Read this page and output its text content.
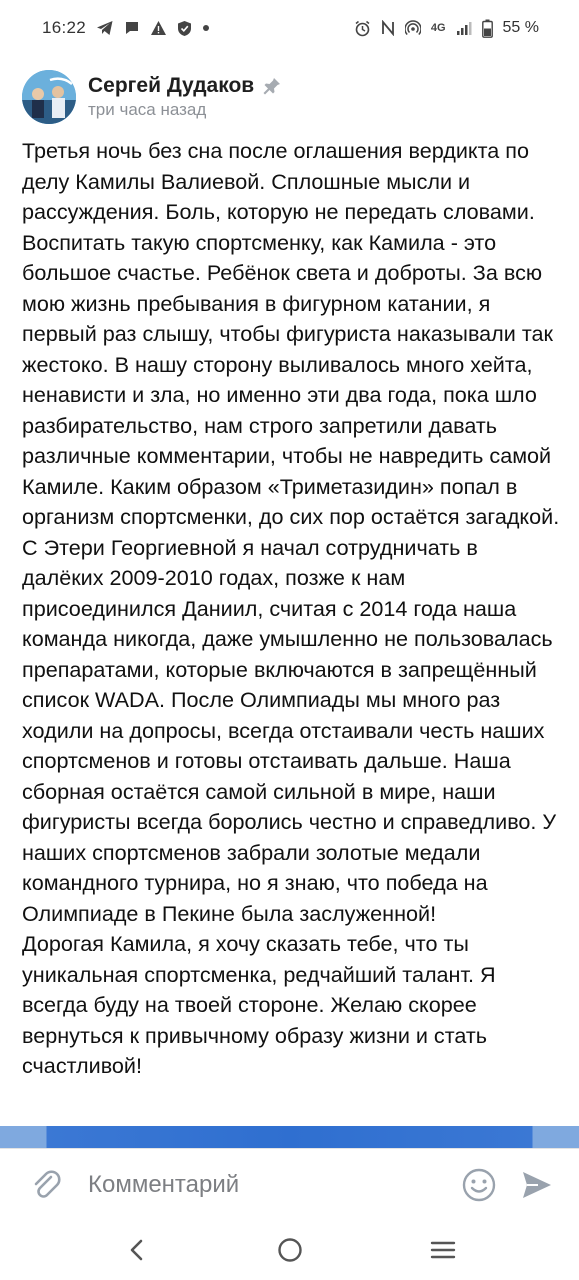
16:22	4G	55 %
Сергей Дудаков
три часа назад

Третья ночь без сна после оглашения вердикта по делу Камилы Валиевой. Сплошные мысли и рассуждения. Боль, которую не передать словами. Воспитать такую спортсменку, как Камила - это большое счастье. Ребёнок света и доброты. За всю мою жизнь пребывания в фигурном катании, я первый раз слышу, чтобы фигуриста наказывали так жестоко. В нашу сторону выливалось много хейта, ненависти и зла, но именно эти два года, пока шло разбирательство, нам строго запретили давать различные комментарии, чтобы не навредить самой Камиле. Каким образом «Триметазидин» попал в организм спортсменки, до сих пор остаётся загадкой. С Этери Георгиевной я начал сотрудничать в далёких 2009-2010 годах, позже к нам присоединился Даниил, считая с 2014 года наша команда никогда, даже умышленно не пользовалась препаратами, которые включаются в запрещённый список WADA. После Олимпиады мы много раз ходили на допросы, всегда отстаивали честь наших спортсменов и готовы отстаивать дальше. Наша сборная остаётся самой сильной в мире, наши фигуристы всегда боролись честно и справедливо. У наших спортсменов забрали золотые медали командного турнира, но я знаю, что победа на Олимпиаде в Пекине была заслуженной!

Дорогая Камила, я хочу сказать тебе, что ты уникальная спортсменка, редчайший талант. Я всегда буду на твоей стороне. Желаю скорее вернуться к привычному образу жизни и стать счастливой!

Комментарий
